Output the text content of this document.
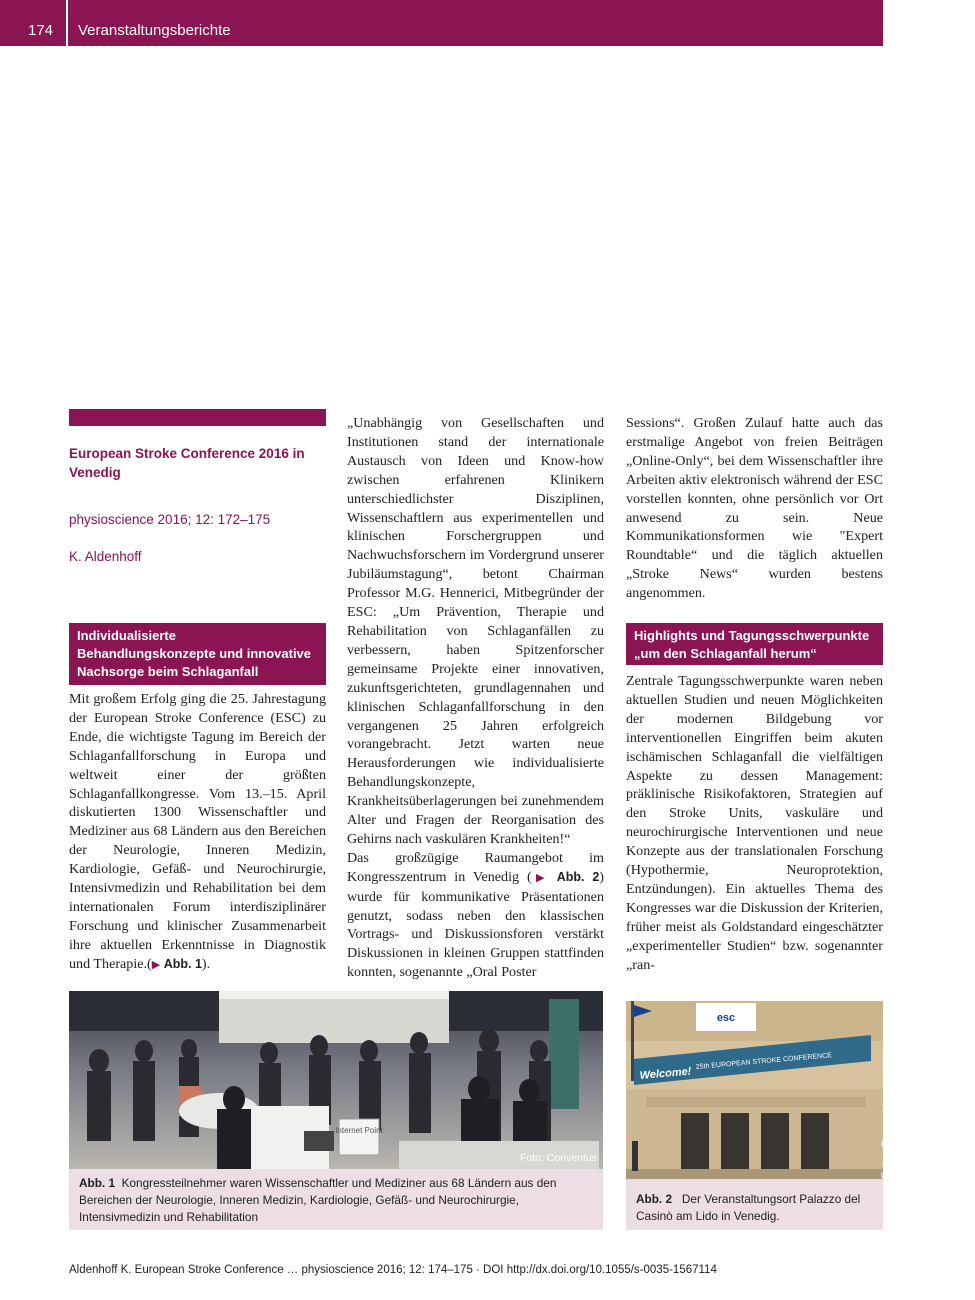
174 Veranstaltungsberichte
European Stroke Conference 2016 in Venedig
physioscience 2016; 12: 172–175
K. Aldenhoff
Individualisierte Behandlungskonzepte und innovative Nachsorge beim Schlaganfall

Mit großem Erfolg ging die 25. Jahrestagung der European Stroke Conference (ESC) zu Ende, die wichtigste Tagung im Bereich der Schlaganfallforschung in Europa und weltweit einer der größten Schlaganfallkongresse. Vom 13.–15. April diskutierten 1300 Wissenschaftler und Mediziner aus 68 Ländern aus den Bereichen der Neurologie, Inneren Medizin, Kardiologie, Gefäß- und Neurochirurgie, Intensivmedizin und Rehabilitation bei dem internationalen Forum interdisziplinärer Forschung und klinischer Zusammenarbeit ihre aktuellen Erkenntnisse in Diagnostik und Therapie.(▶ Abb. 1).

„Unabhängig von Gesellschaften und Institutionen stand der internationale Austausch von Ideen und Know-how zwischen erfahrenen Klinikern unterschiedlichster Disziplinen, Wissenschaftlern aus experimentellen und klinischen Forschergruppen und Nachwuchsforschern im Vordergrund unserer Jubiläumstagung“, betont Chairman Professor M.G. Hennerici, Mitbegründer der ESC: „Um Prävention, Therapie und Rehabilitation von Schlaganfällen zu verbessern, haben Spitzenforscher gemeinsame Projekte einer innovativen, zukunftsgerichteten, grundlagennahen und klinischen Schlaganfallforschung in den vergangenen 25 Jahren erfolgreich vorangebracht. Jetzt warten neue Herausforderungen wie individualisierte Behandlungskonzepte, Krankheitsüberlagerungen bei zunehmendem Alter und Fragen der Reorganisation des Gehirns nach vaskulären Krankheiten!“

Das großzügige Raumangebot im Kongresszentrum in Venedig (▶ Abb. 2) wurde für kommunikative Präsentationen genutzt, sodass neben den klassischen Vortrags- und Diskussionsforen verstärkt Diskussionen in kleinen Gruppen stattfinden konnten, sogenannte „Oral Poster

Sessions“. Großen Zulauf hatte auch das erstmalige Angebot von freien Beiträgen „Online-Only“, bei dem Wissenschaftler ihre Arbeiten aktiv elektronisch während der ESC vorstellen konnten, ohne persönlich vor Ort anwesend zu sein. Neue Kommunikationsformen wie "Expert Roundtable“ und die täglich aktuellen „Stroke News“ wurden bestens angenommen.

Highlights und Tagungsschwerpunkte „um den Schlaganfall herum“

Zentrale Tagungsschwerpunkte waren neben aktuellen Studien und neuen Möglichkeiten der modernen Bildgebung vor interventionellen Eingriffen beim akuten ischämischen Schlaganfall die vielfältigen Aspekte zu dessen Management: präklinische Risikofaktoren, Strategien auf den Stroke Units, vaskuläre und neurochirurgische Interventionen und neue Konzepte aus der translationalen Forschung (Hypothermie, Neuroprotektion, Entzündungen). Ein aktuelles Thema des Kongresses war die Diskussion der Kriterien, früher meist als Goldstandard eingeschätzter „experimenteller Studien“ bzw. sogenannter „ran-

Internet Point
Foto: Conventus
Abb. 1 Kongressteilnehmer waren Wissenschaftler und Mediziner aus 68 Ländern aus den Bereichen der Neurologie, Inneren Medizin, Kardiologie, Gefäß- und Neurochirurgie, Intensivmedizin und Rehabilitation
esc
Welcome!
25th EUROPEAN STROKE CONFERENCE
Foto: Conventus
Abb. 2 Der Veranstaltungsort Palazzo del Casinò am Lido in Venedig.
Aldenhoff K. European Stroke Conference … physioscience 2016; 12: 174–175 · DOI http://dx.doi.org/10.1055/s-0035-1567114
